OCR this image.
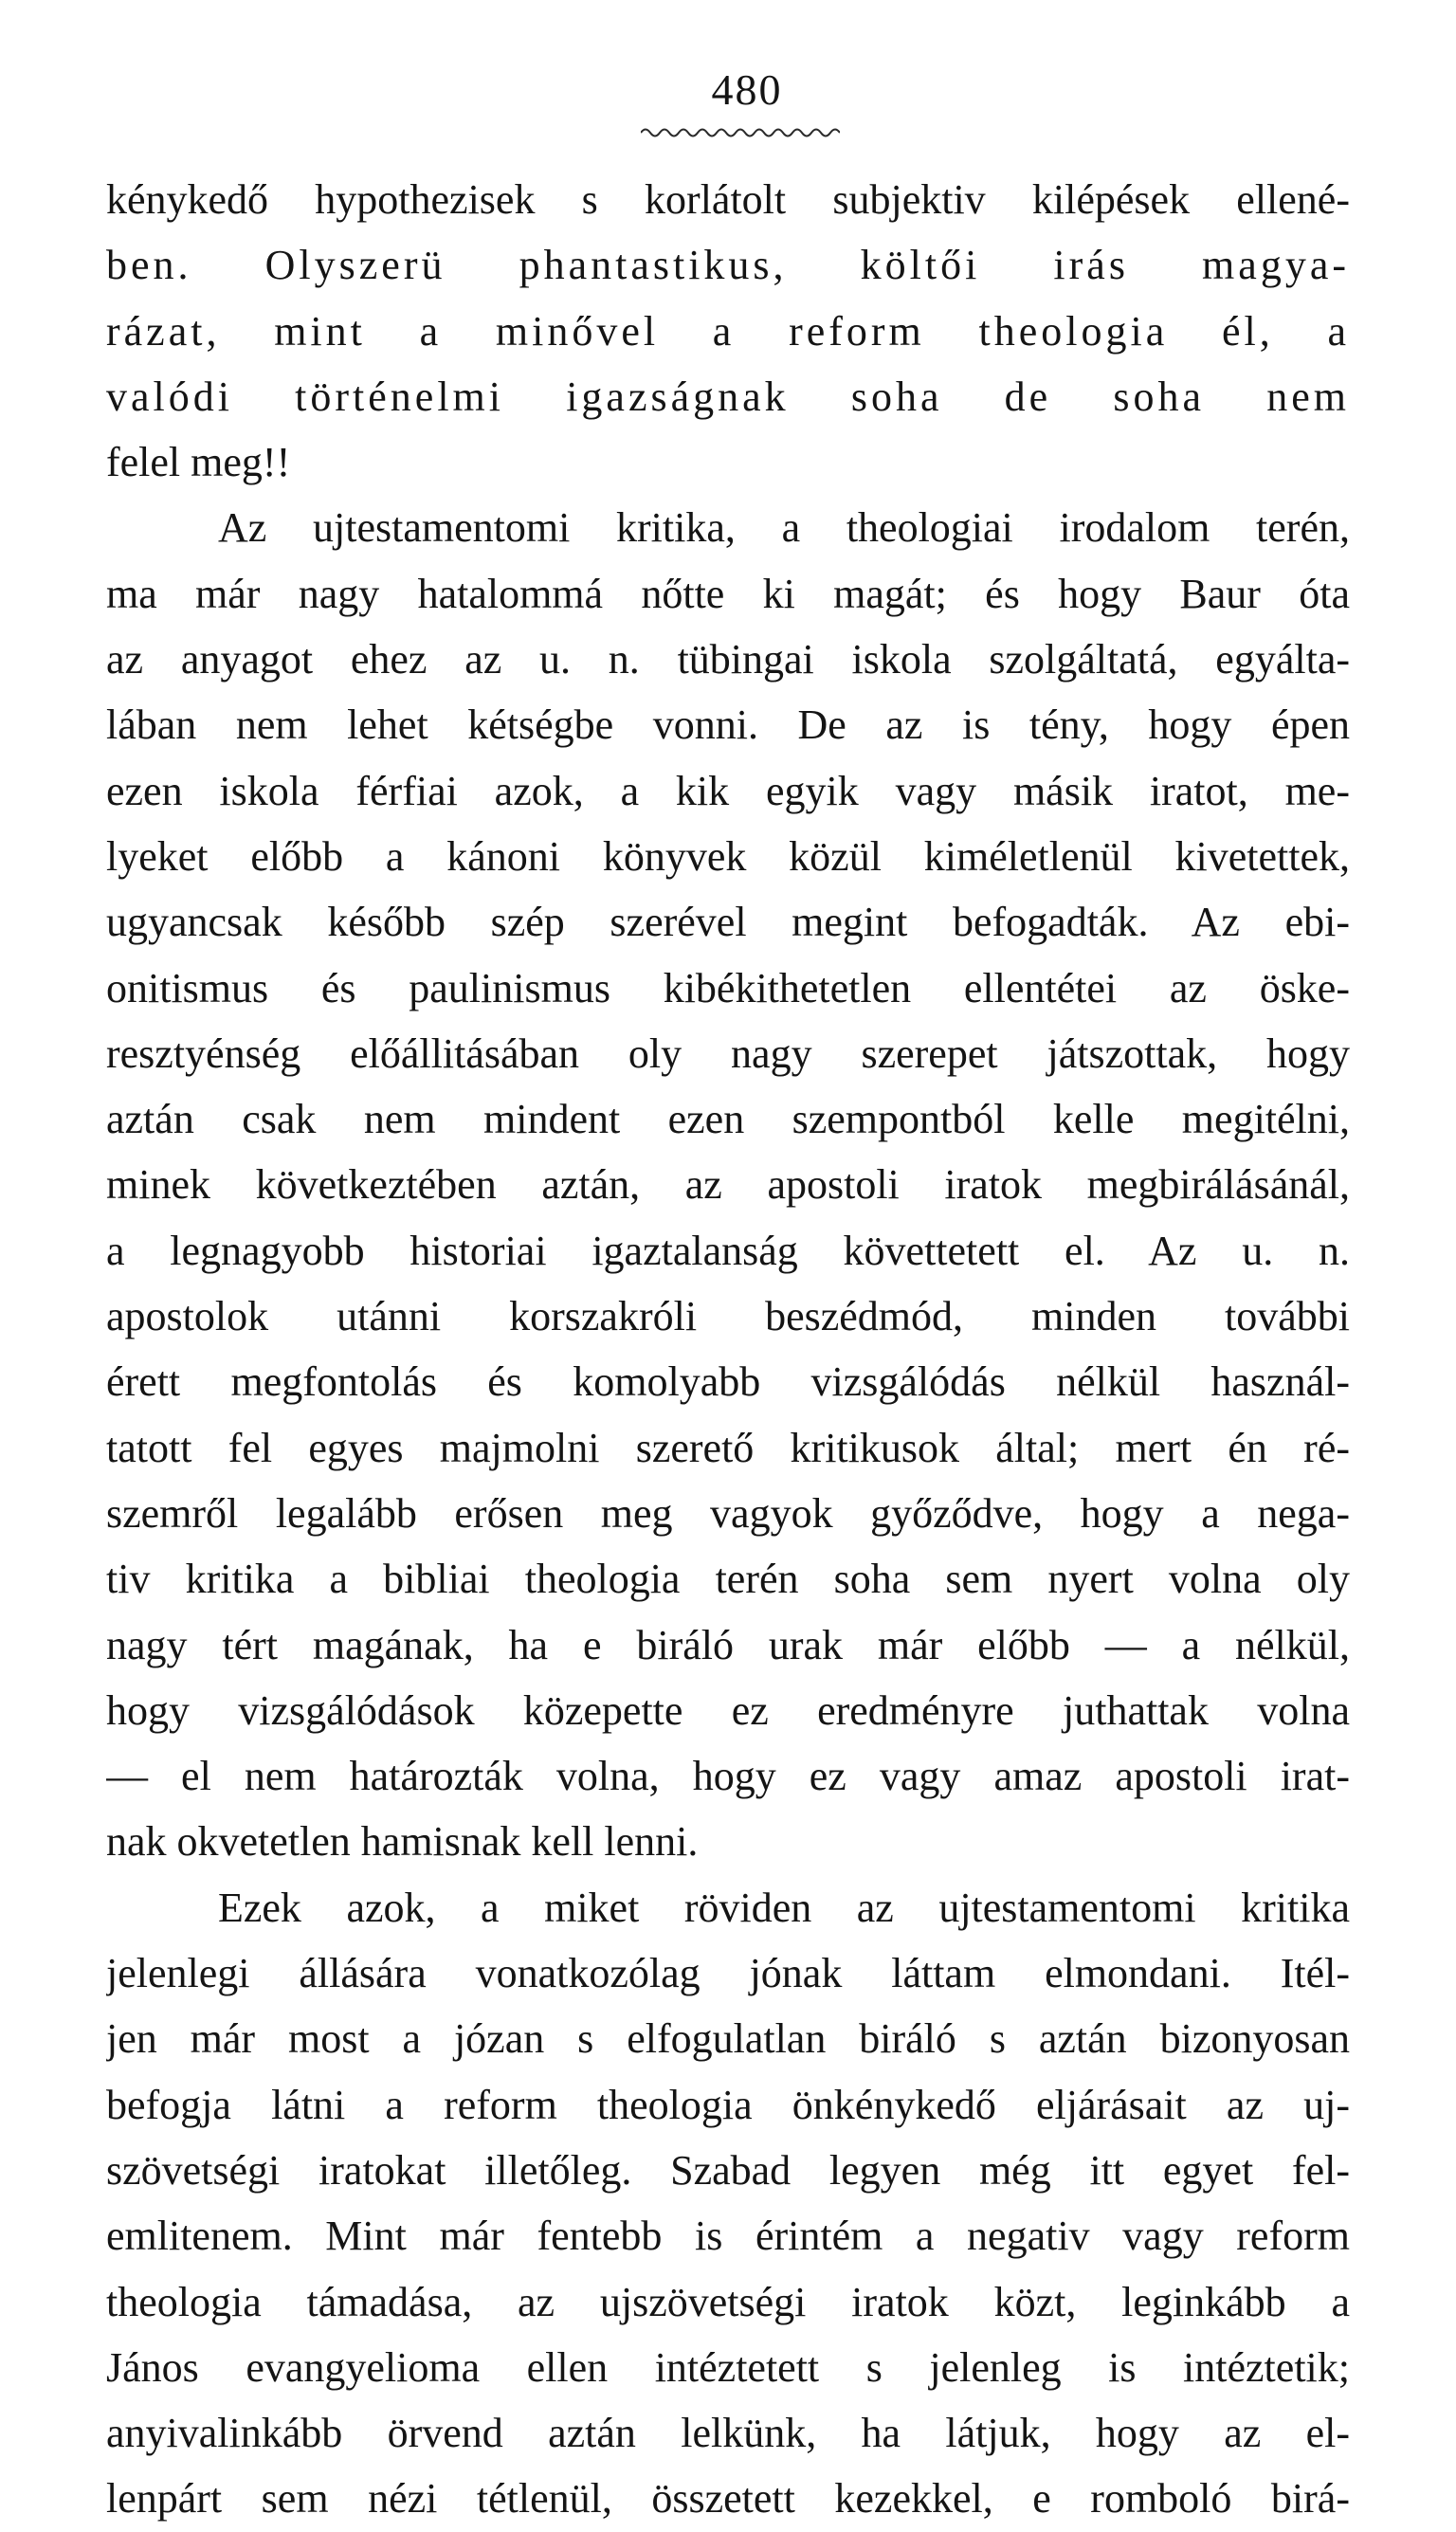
480
kénykedő hypothezisek s korlátolt subjektiv kilépések ellené-
ben. Olyszerü phantastikus, költői irás magya-
rázat, mint a minővel a reform theologia él, a
valódi történelmi igazságnak soha de soha nem
felel meg!!
Az ujtestamentomi kritika, a theologiai irodalom terén,
ma már nagy hatalommá nőtte ki magát; és hogy Baur óta
az anyagot ehez az u. n. tübingai iskola szolgáltatá, egyálta-
lában nem lehet kétségbe vonni. De az is tény, hogy épen
ezen iskola férfiai azok, a kik egyik vagy másik iratot, me-
lyeket előbb a kánoni könyvek közül kiméletlenül kivetettek,
ugyancsak később szép szerével megint befogadták. Az ebi-
onitismus és paulinismus kibékithetetlen ellentétei az öske-
resztyénség előállitásában oly nagy szerepet játszottak, hogy
aztán csak nem mindent ezen szempontból kelle megitélni,
minek következtében aztán, az apostoli iratok megbirálásánál,
a legnagyobb historiai igaztalanság követtetett el. Az u. n.
apostolok utánni korszakróli beszédmód, minden további
érett megfontolás és komolyabb vizsgálódás nélkül használ-
tatott fel egyes majmolni szerető kritikusok által; mert én ré-
szemről legalább erősen meg vagyok győződve, hogy a nega-
tiv kritika a bibliai theologia terén soha sem nyert volna oly
nagy tért magának, ha e biráló urak már előbb — a nélkül,
hogy vizsgálódások közepette ez eredményre juthattak volna
— el nem határozták volna, hogy ez vagy amaz apostoli irat-
nak okvetetlen hamisnak kell lenni.
Ezek azok, a miket röviden az ujtestamentomi kritika
jelenlegi állására vonatkozólag jónak láttam elmondani. Itél-
jen már most a józan s elfogulatlan biráló s aztán bizonyosan
befogja látni a reform theologia önkénykedő eljárásait az uj-
szövetségi iratokat illetőleg. Szabad legyen még itt egyet fel-
emlitenem. Mint már fentebb is érintém a negativ vagy reform
theologia támadása, az ujszövetségi iratok közt, leginkább a
János evangyelioma ellen intéztetett s jelenleg is intéztetik;
anyivalinkább örvend aztán lelkünk, ha látjuk, hogy az el-
lenpárt sem nézi tétlenül, összetett kezekkel, e romboló birá-
